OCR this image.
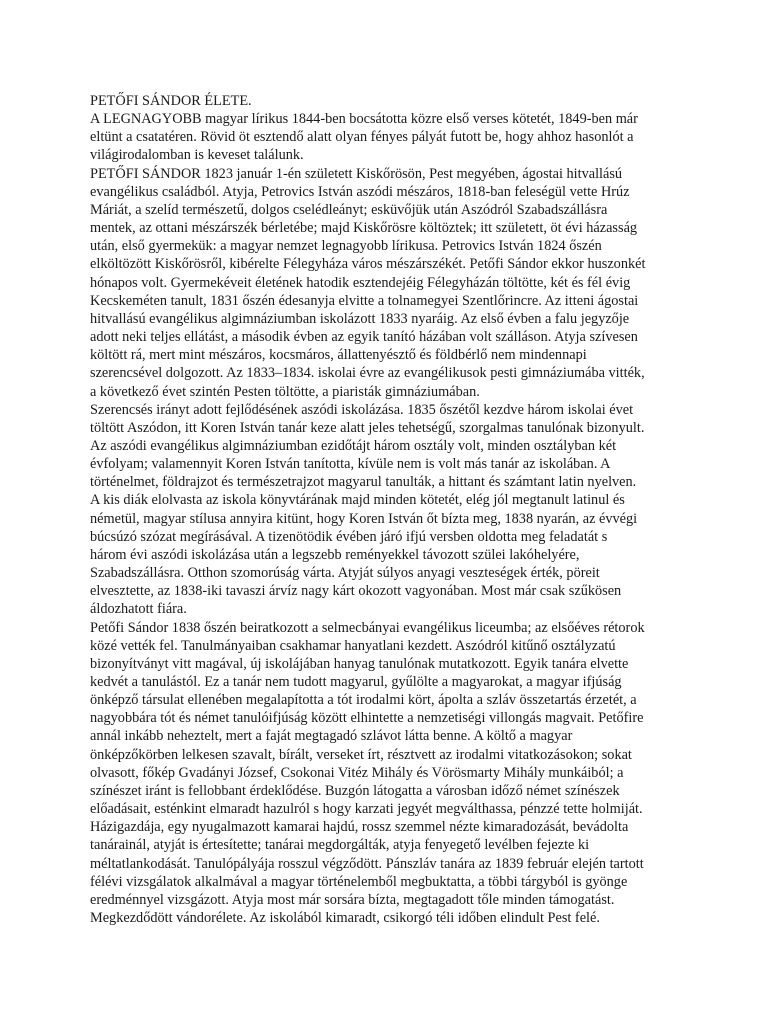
PETŐFI SÁNDOR ÉLETE.

A LEGNAGYOBB magyar lírikus 1844-ben bocsátotta közre első verses kötetét, 1849-ben már
eltünt a csatatéren. Rövid öt esztendő alatt olyan fényes pályát futott be, hogy ahhoz hasonlót a
világirodalomban is keveset találunk.

PETŐFI SÁNDOR 1823 január 1-én született Kiskőrösön, Pest megyében, ágostai hitvallású
evangélikus családból. Atyja, Petrovics István aszódi mészáros, 1818-ban feleségül vette Hrúz
Máriát, a szelíd természetű, dolgos cselédleányt; esküvőjük után Aszódról Szabadszállásra
mentek, az ottani mészárszék bérletébe; majd Kiskőrösre költöztek; itt született, öt évi házasság
után, első gyermekük: a magyar nemzet legnagyobb lírikusa. Petrovics István 1824 őszén
elköltözött Kiskőrösről, kibérelte Félegyháza város mészárszékét. Petőfi Sándor ekkor huszonkét
hónapos volt. Gyermekéveit életének hatodik esztendejéig Félegyházán töltötte, két és fél évig
Kecskeméten tanult, 1831 őszén édesanyja elvitte a tolnamegyei Szentlőrincre. Az itteni ágostai
hitvallású evangélikus algimnáziumban iskolázott 1833 nyaráig. Az első évben a falu jegyzője
adott neki teljes ellátást, a második évben az egyik tanító házában volt szálláson. Atyja szívesen
költött rá, mert mint mészáros, kocsmáros, állattenyésztő és földbérlő nem mindennapi
szerencsével dolgozott. Az 1833–1834. iskolai évre az evangélikusok pesti gimnáziumába vitték,
a következő évet szintén Pesten töltötte, a piaristák gimnáziumában.

Szerencsés irányt adott fejlődésének aszódi iskolázása. 1835 őszétől kezdve három iskolai évet
töltött Aszódon, itt Koren István tanár keze alatt jeles tehetségű, szorgalmas tanulónak bizonyult.
Az aszódi evangélikus algimnáziumban ezidőtájt három osztály volt, minden osztályban két
évfolyam; valamennyit Koren István tanította, kívüle nem is volt más tanár az iskolában. A
történelmet, földrajzot és természetrajzot magyarul tanulták, a hittant és számtant latin nyelven.
A kis diák elolvasta az iskola könyvtárának majd minden kötetét, elég jól megtanult latinul és
németül, magyar stílusa annyira kitünt, hogy Koren István őt bízta meg, 1838 nyarán, az évvégi
búcsúzó szózat megírásával. A tizenötödik évében járó ifjú versben oldotta meg feladatát s
három évi aszódi iskolázása után a legszebb reményekkel távozott szülei lakóhelyére,
Szabadszállásra. Otthon szomorúság várta. Atyját súlyos anyagi veszteségek érték, pöreit
elvesztette, az 1838-iki tavaszi árvíz nagy kárt okozott vagyonában. Most már csak szűkösen
áldozhatott fiára.

Petőfi Sándor 1838 őszén beiratkozott a selmecbányai evangélikus liceumba; az elsőéves rétorok
közé vették fel. Tanulmányaiban csakhamar hanyatlani kezdett. Aszódról kitűnő osztályzatú
bizonyítványt vitt magával, új iskolájában hanyag tanulónak mutatkozott. Egyik tanára elvette
kedvét a tanulástól. Ez a tanár nem tudott magyarul, gyűlölte a magyarokat, a magyar ifjúság
önképző társulat ellenében megalapította a tót irodalmi kört, ápolta a szláv összetartás érzetét, a
nagyobbára tót és német tanulóifjúság között elhintette a nemzetiségi villongás magvait. Petőfire
annál inkább neheztelt, mert a faját megtagadó szlávot látta benne. A költő a magyar
önképzőkörben lelkesen szavalt, bírált, verseket írt, résztvett az irodalmi vitatkozásokon; sokat
olvasott, főkép Gvadányi József, Csokonai Vitéz Mihály és Vörösmarty Mihály munkáiból; a
színészet iránt is fellobbant érdeklődése. Buzgón látogatta a városban időző német színészek
előadásait, esténkint elmaradt hazulról s hogy karzati jegyét megválthassa, pénzzé tette holmiját.
Házigazdája, egy nyugalmazott kamarai hajdú, rossz szemmel nézte kimaradozását, bevádolta
tanárainál, atyját is értesítette; tanárai megdorgálták, atyja fenyegető levélben fejezte ki
méltatlankodását. Tanulópályája rosszul végződött. Pánszláv tanára az 1839 február elején tartott
félévi vizsgálatok alkalmával a magyar történelemből megbuktatta, a többi tárgyból is gyönge
eredménnyel vizsgázott. Atyja most már sorsára bízta, megtagadott tőle minden támogatást.
Megkezdődött vándorélete. Az iskolából kimaradt, csikorgó téli időben elindult Pest felé.
